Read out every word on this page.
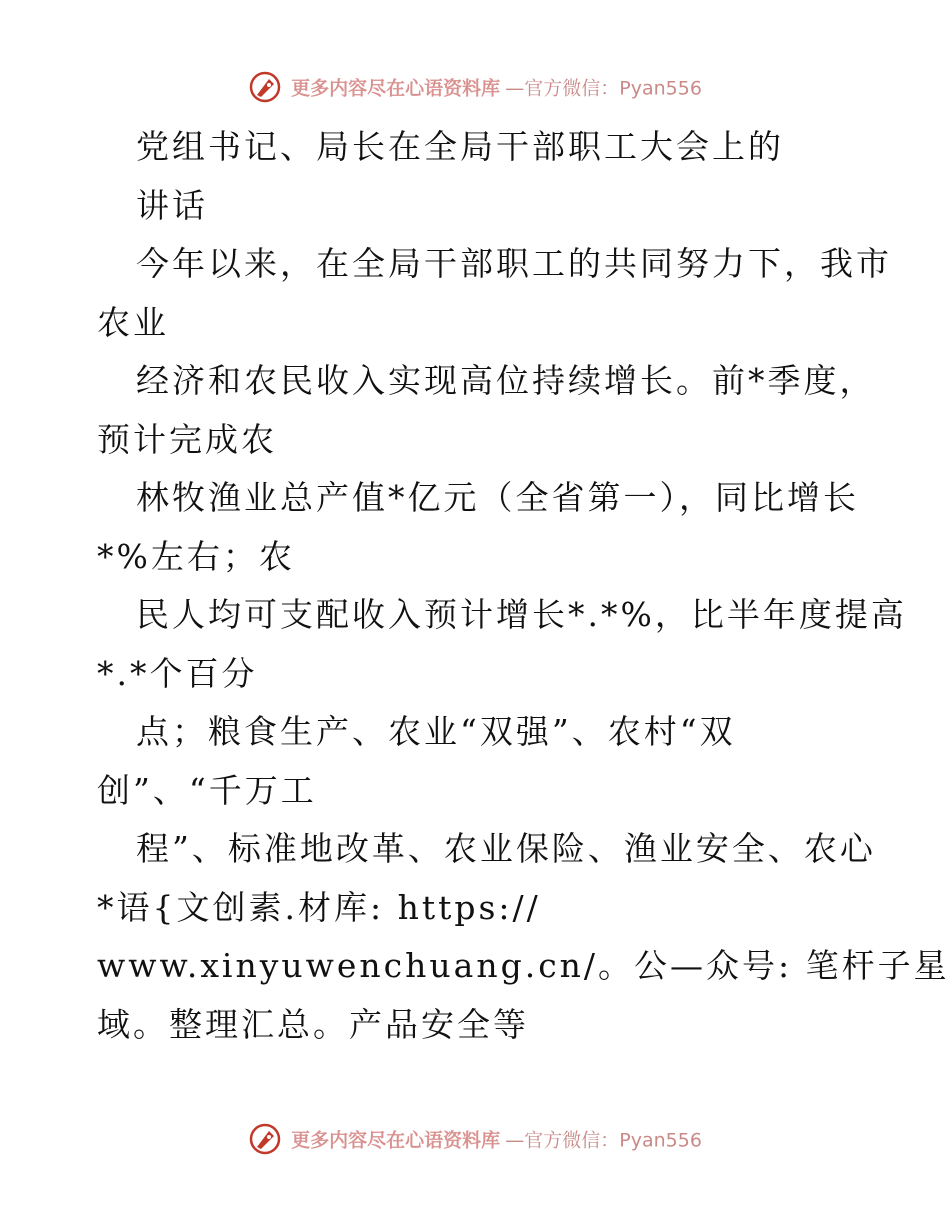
更多内容尽在心语资料库 —官方微信：Pyan556
党组书记、局长在全局干部职工大会上的
讲话
今年以来，在全局干部职工的共同努力下，我市
农业
经济和农民收入实现高位持续增长。前*季度，
预计完成农
林牧渔业总产值*亿元（全省第一），同比增长
*%左右；农
民人均可支配收入预计增长*.*%，比半年度提高
*.*个百分
点；粮食生产、农业“双强”、农村“双
创”、“千万工
程”、标准地改革、农业保险、渔业安全、农心
*语{文创素.材库: https://
www.xinyuwenchuang.cn/。公—众号: 笔杆子星
域。整理汇总。产品安全等
更多内容尽在心语资料库 —官方微信：Pyan556
